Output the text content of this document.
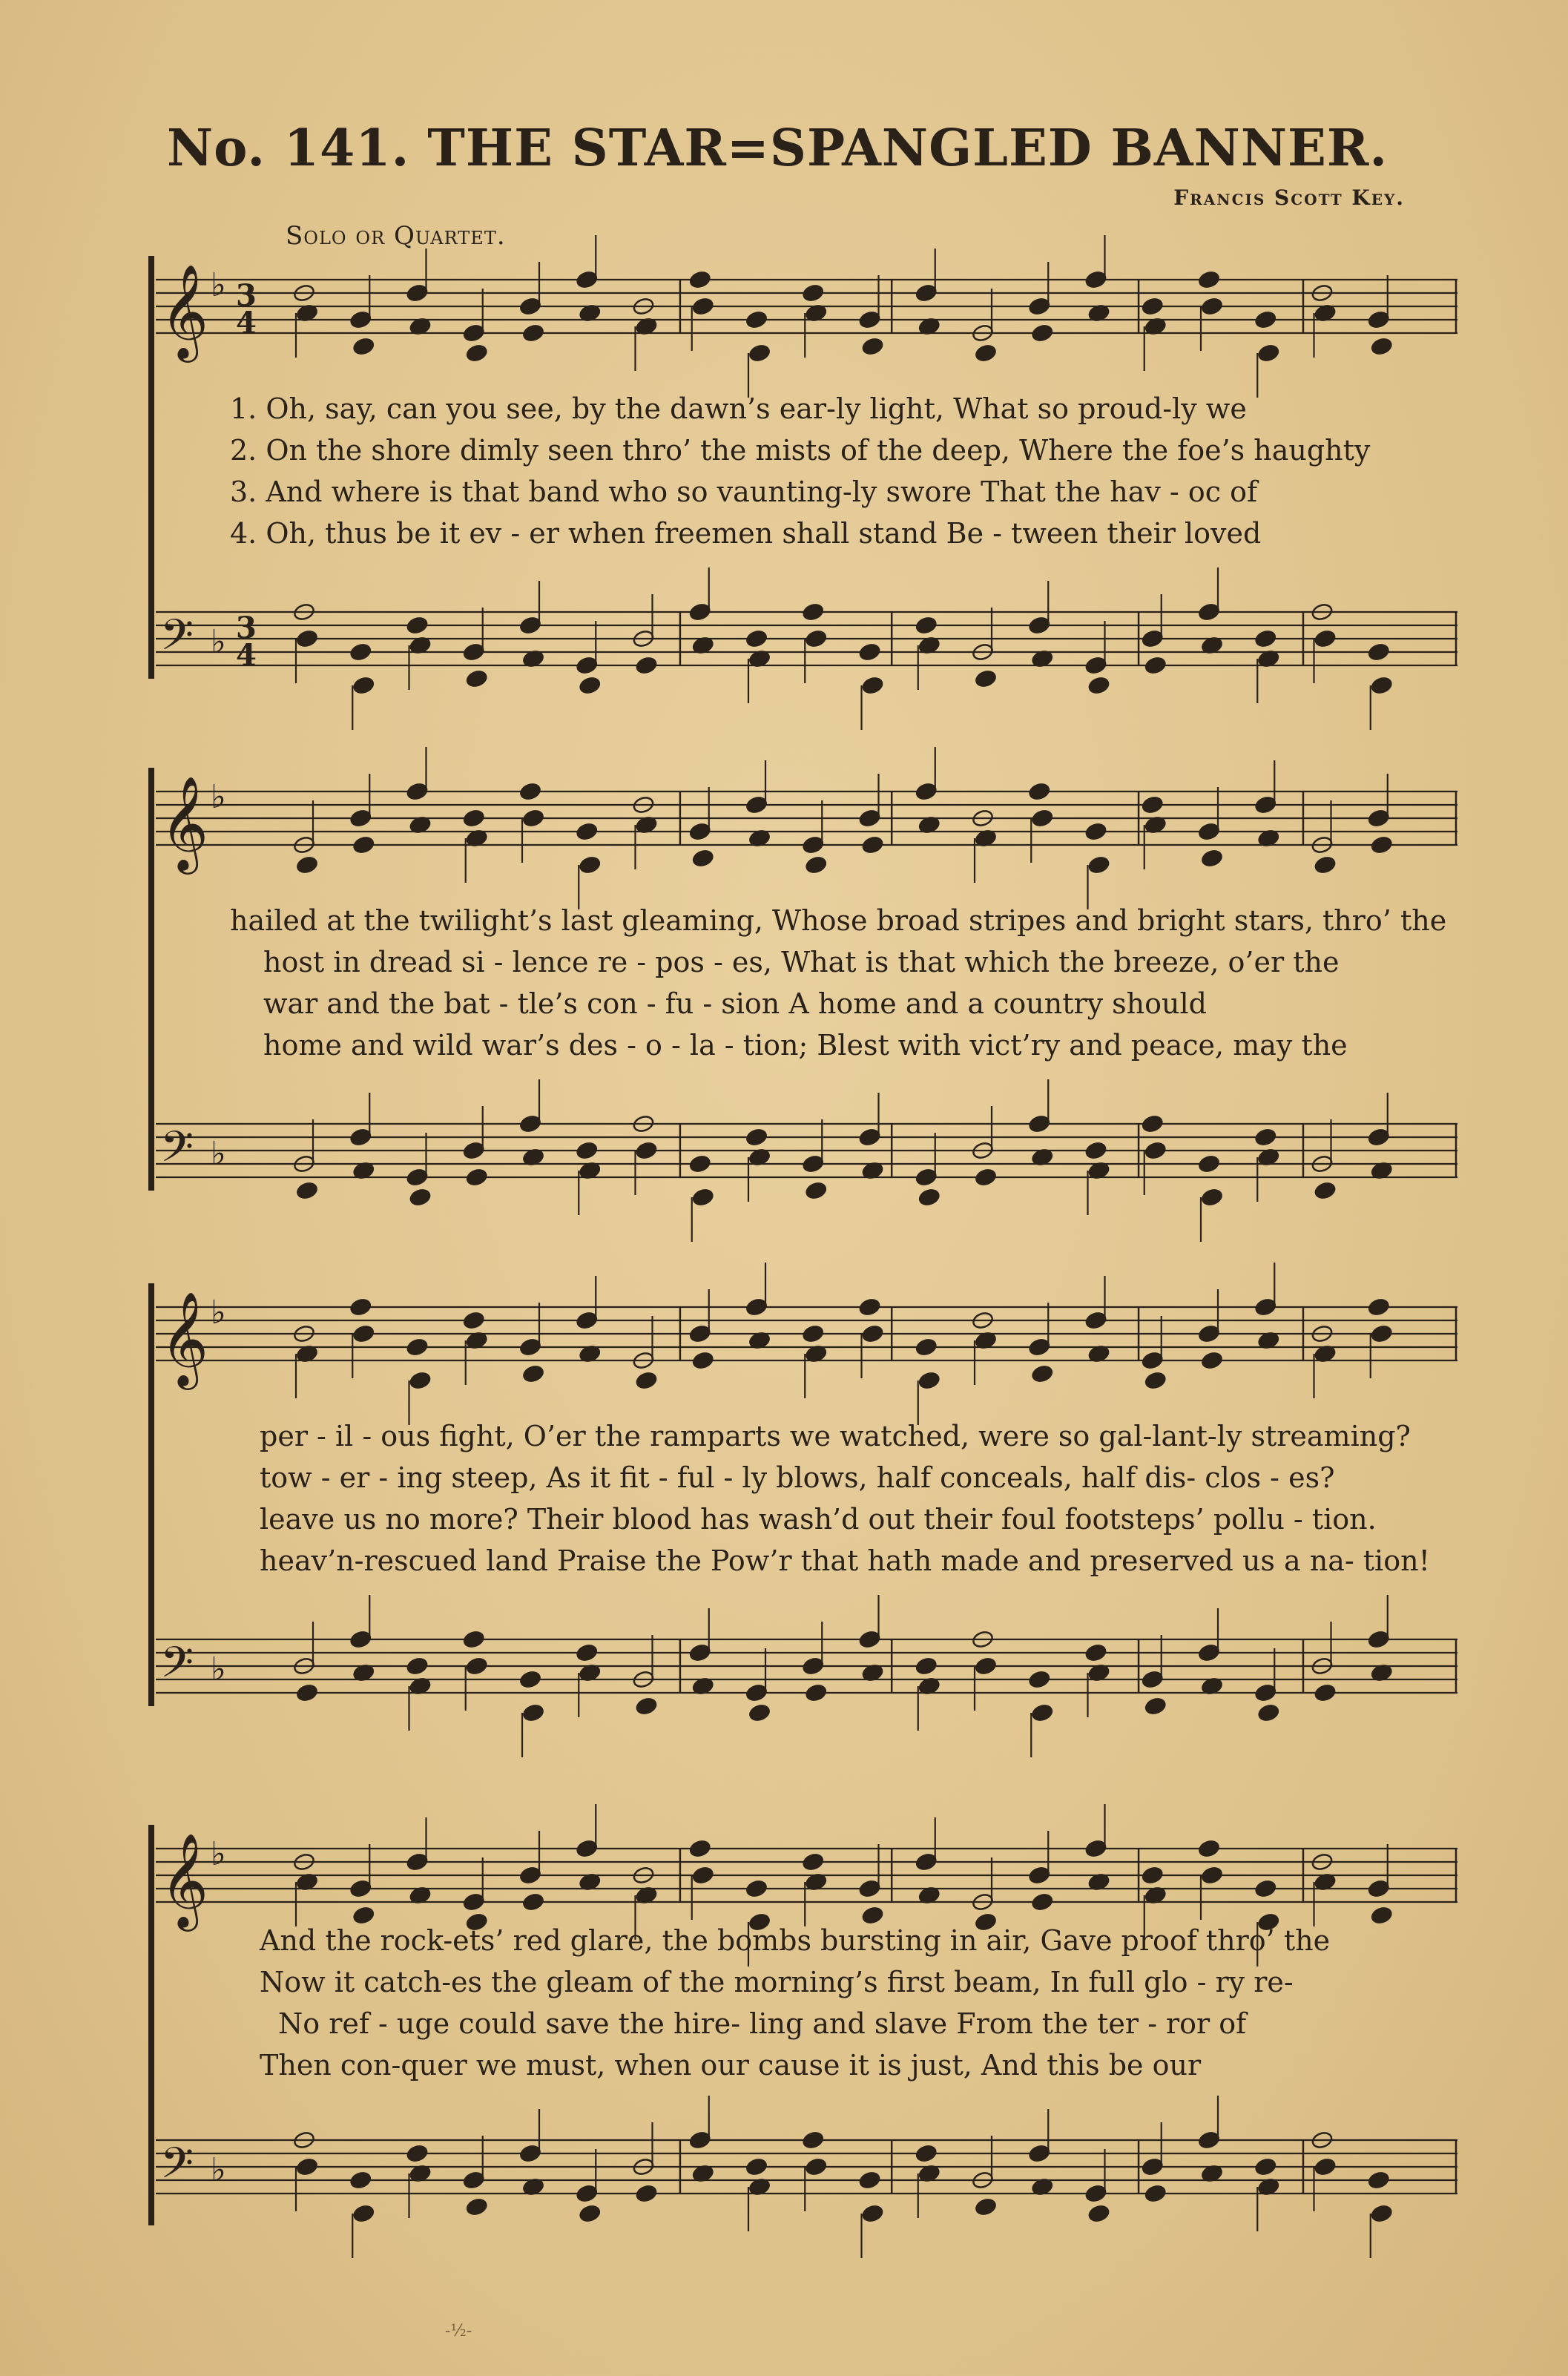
No. 141. THE STAR=SPANGLED BANNER.
Francis Scott Key.
Solo or Quartet.
𝄞 ♭ 3
4
1. Oh, say, can you see, by the dawn’s ear-ly light, What so proud-ly we
2. On the shore dimly seen thro’ the mists of the deep, Where the foe’s haughty
3. And where is that band who so vaunting-ly swore That the hav - oc of
4. Oh, thus be it ev - er when freemen shall stand Be - tween their loved
𝄢 ♭ 3
4
𝄞 ♭
hailed at the twilight’s last gleaming, Whose broad stripes and bright stars, thro’ the
host in dread si - lence re - pos - es, What is that which the breeze, o’er the
war and the bat - tle’s con - fu - sion A home and a country should
home and wild war’s des - o - la - tion; Blest with vict’ry and peace, may the
𝄢 ♭
𝄞 ♭
per - il - ous fight, O’er the ramparts we watched, were so gal-lant-ly streaming?
tow - er - ing steep, As it fit - ful - ly blows, half conceals, half dis- clos - es?
leave us no more? Their blood has wash’d out their foul footsteps’ pollu - tion.
heav’n-rescued land Praise the Pow’r that hath made and preserved us a na- tion!
𝄢 ♭
𝄞 ♭
And the rock-ets’ red glare, the bombs bursting in air, Gave proof thro’ the
Now it catch-es the gleam of the morning’s first beam, In full glo - ry re-
No ref - uge could save the hire- ling and slave From the ter - ror of
Then con-quer we must, when our cause it is just, And this be our
𝄢 ♭
-½-
